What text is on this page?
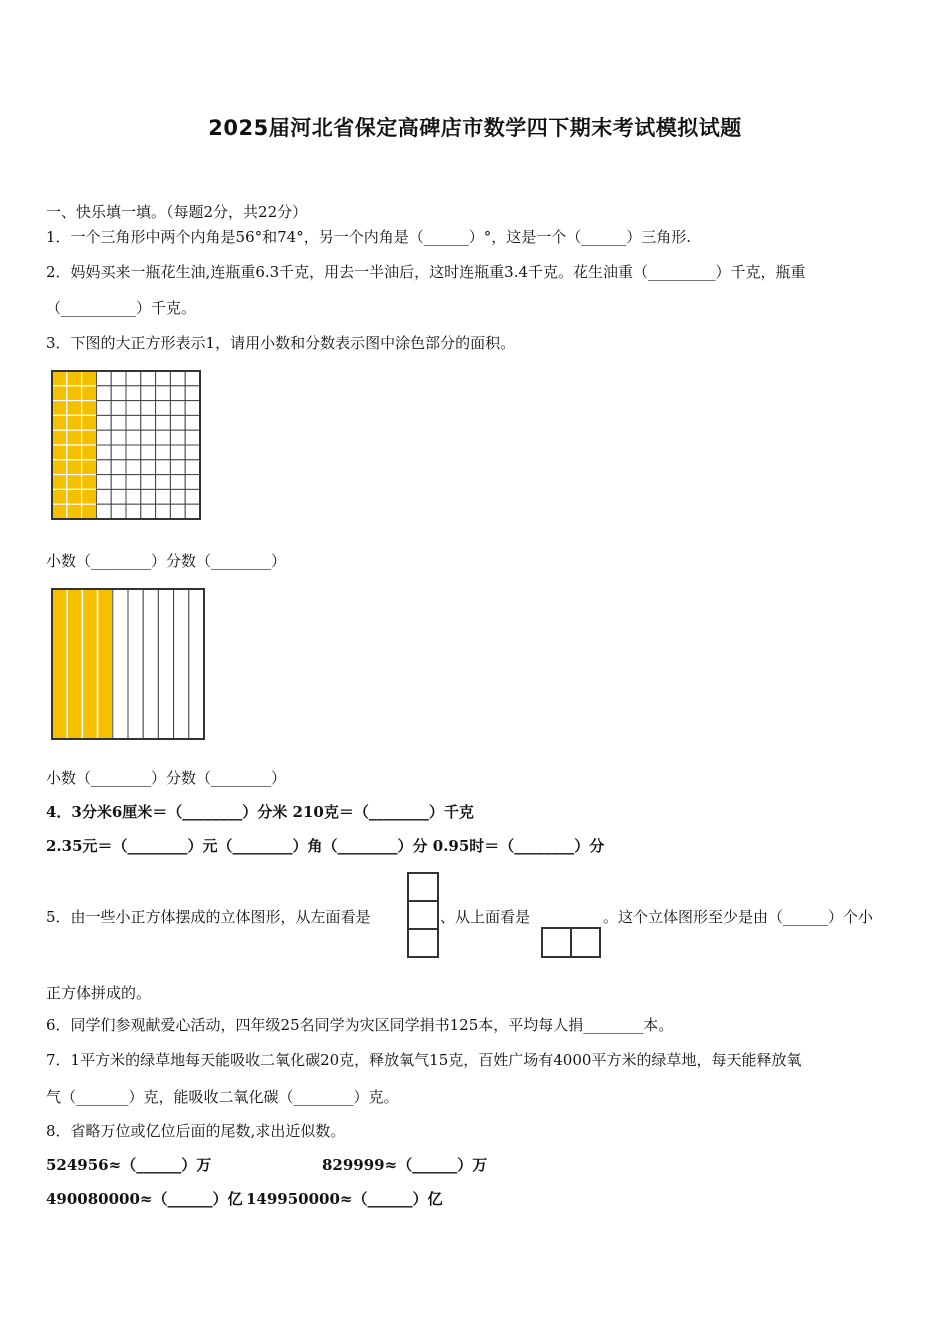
2025届河北省保定高碑店市数学四下期末考试模拟试题
一、快乐填一填。（每题2分，共22分）
1．一个三角形中两个内角是56°和74°，另一个内角是（______）°，这是一个（______）三角形.
2．妈妈买来一瓶花生油,连瓶重6.3千克，用去一半油后，这时连瓶重3.4千克。花生油重（_________）千克，瓶重
（__________）千克。
3．下图的大正方形表示1，请用小数和分数表示图中涂色部分的面积。
小数（________）分数（________）
小数（________）分数（________）
4．3分米6厘米＝（________）分米 210克＝（________）千克
2.35元＝（________）元（________）角（________）分 0.95时＝（________）分
5．由一些小正方体摆成的立体图形，从左面看是	、从上面看是	。这个立体图形至少是由（______）个小
正方体拼成的。
6．同学们参观献爱心活动，四年级25名同学为灾区同学捐书125本，平均每人捐________本。
7．1平方米的绿草地每天能吸收二氧化碳20克，释放氧气15克，百姓广场有4000平方米的绿草地，每天能释放氧
气（_______）克，能吸收二氧化碳（________）克。
8．省略万位或亿位后面的尾数,求出近似数。
524956≈（______）万	829999≈（______）万
490080000≈（______）亿 149950000≈（______）亿
